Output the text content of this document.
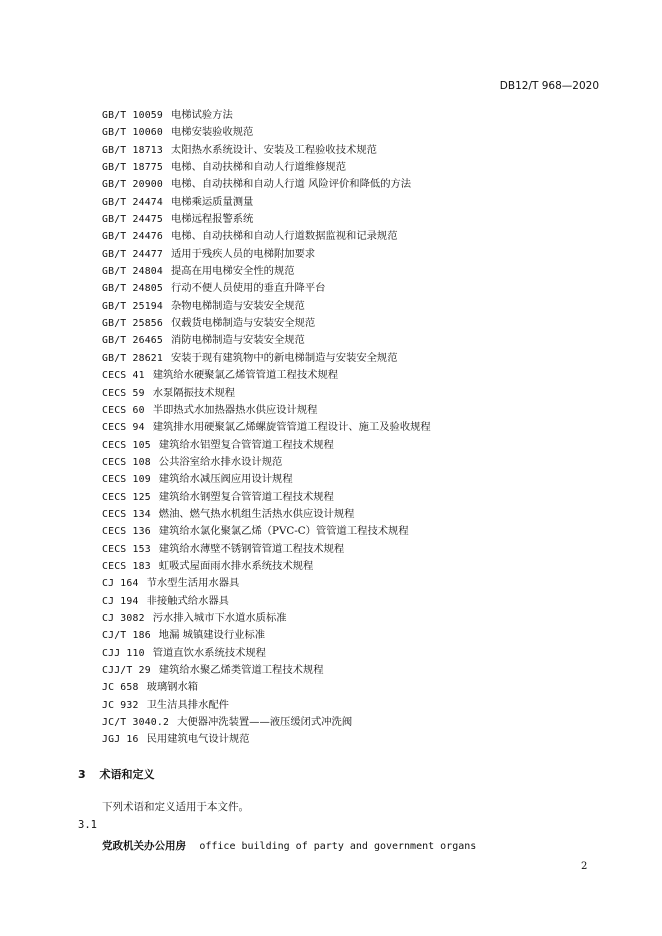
DB12/T 968—2020
GB/T 10059 电梯试验方法
GB/T 10060 电梯安装验收规范
GB/T 18713 太阳热水系统设计、安装及工程验收技术规范
GB/T 18775 电梯、自动扶梯和自动人行道维修规范
GB/T 20900 电梯、自动扶梯和自动人行道 风险评价和降低的方法
GB/T 24474 电梯乘运质量测量
GB/T 24475 电梯远程报警系统
GB/T 24476 电梯、自动扶梯和自动人行道数据监视和记录规范
GB/T 24477 适用于残疾人员的电梯附加要求
GB/T 24804 提高在用电梯安全性的规范
GB/T 24805 行动不便人员使用的垂直升降平台
GB/T 25194 杂物电梯制造与安装安全规范
GB/T 25856 仅载货电梯制造与安装安全规范
GB/T 26465 消防电梯制造与安装安全规范
GB/T 28621 安装于现有建筑物中的新电梯制造与安装安全规范
CECS 41 建筑给水硬聚氯乙烯管管道工程技术规程
CECS 59 水泵隔振技术规程
CECS 60 半即热式水加热器热水供应设计规程
CECS 94 建筑排水用硬聚氯乙烯螺旋管管道工程设计、施工及验收规程
CECS 105 建筑给水铝塑复合管管道工程技术规程
CECS 108 公共浴室给水排水设计规范
CECS 109 建筑给水减压阀应用设计规程
CECS 125 建筑给水钢塑复合管管道工程技术规程
CECS 134 燃油、燃气热水机组生活热水供应设计规程
CECS 136 建筑给水氯化聚氯乙烯（PVC-C）管管道工程技术规程
CECS 153 建筑给水薄壁不锈钢管管道工程技术规程
CECS 183 虹吸式屋面雨水排水系统技术规程
CJ 164 节水型生活用水器具
CJ 194 非接触式给水器具
CJ 3082 污水排入城市下水道水质标准
CJ/T 186 地漏 城镇建设行业标准
CJJ 110 管道直饮水系统技术规程
CJJ/T 29 建筑给水聚乙烯类管道工程技术规程
JC 658 玻璃钢水箱
JC 932 卫生洁具排水配件
JC/T 3040.2 大便器冲洗装置——液压缓闭式冲洗阀
JGJ 16 民用建筑电气设计规范
3 术语和定义
下列术语和定义适用于本文件。
3.1
党政机关办公用房 office building of party and government organs
2
